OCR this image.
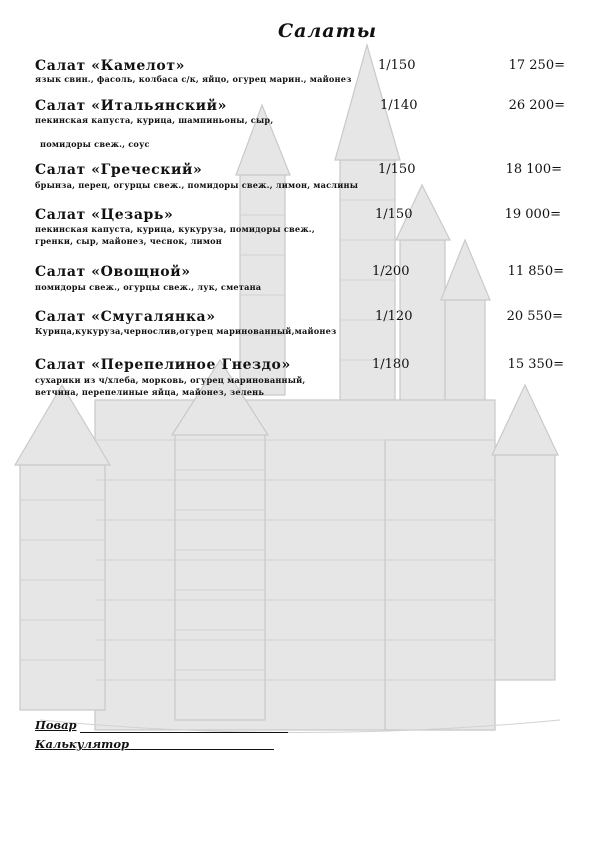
Салаты
Салат «Камелот»	1/150	17 250=
язык свин., фасоль, колбаса с/к, яйцо, огурец марин., майонез
Салат «Итальянский»	1/140	26 200=
пекинская капуста, курица, шампиньоны, сыр,
помидоры свеж., соус
Салат «Греческий»	1/150	18 100=
брынза, перец, огурцы свеж., помидоры свеж., лимон, маслины
Салат «Цезарь»	1/150	19 000=
пекинская капуста, курица, кукуруза, помидоры свеж.,
гренки, сыр, майонез, чеснок, лимон
Салат «Овощной»	1/200	11 850=
помидоры свеж., огурцы свеж., лук, сметана
Салат «Смугалянка»	1/120	20 550=
Курица,кукуруза,чернослив,огурец маринованный,майонез
Салат «Перепелиное Гнездо»	1/180	15 350=
сухарики из ч/хлеба, морковь, огурец маринованный,
ветчина, перепелиные яйца, майонез, зелень
Повар
Калькулятор
